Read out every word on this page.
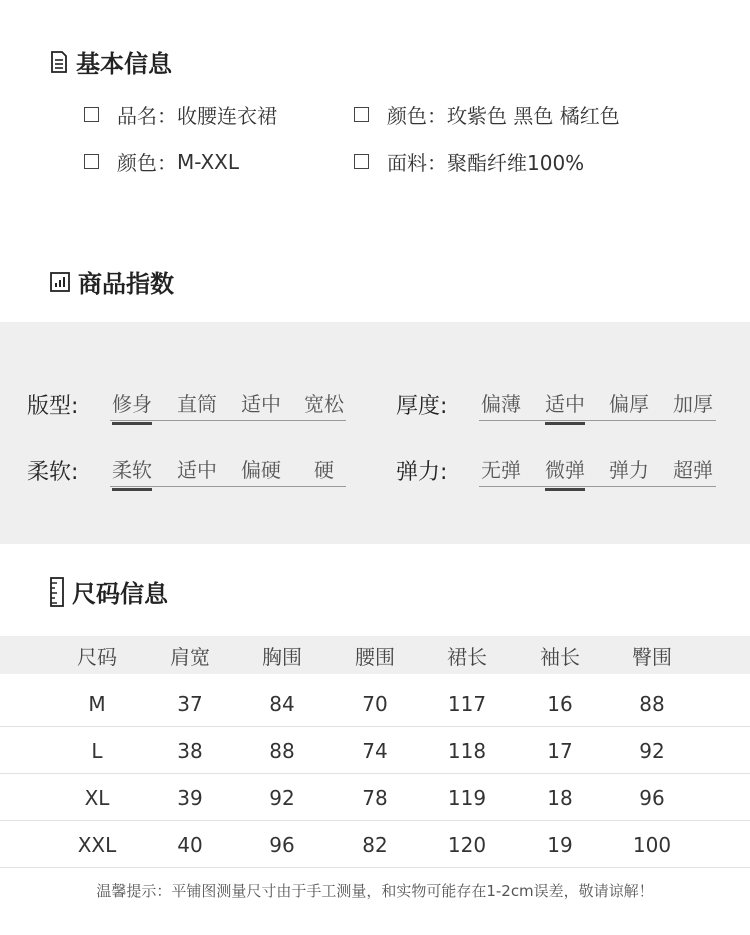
基本信息
品名： 收腰连衣裙	颜色： 玫紫色 黑色 橘红色
颜色： M-XXL	面料： 聚酯纤维100%
商品指数
版型: 修身 直筒 适中 宽松 厚度: 偏薄 适中 偏厚 加厚
柔软: 柔软 适中 偏硬 硬	弹力: 无弹 微弹 弹力 超弹
尺码信息
尺码	肩宽	胸围	腰围	裙长	袖长	臀围
M	37	84	70	117	16	88
L	38	88	74	118	17	92
XL	39	92	78	119	18	96
XXL	40	96	82	120	19	100
温馨提示：平铺图测量尺寸由于手工测量，和实物可能存在1-2cm误差，敬请谅解！
